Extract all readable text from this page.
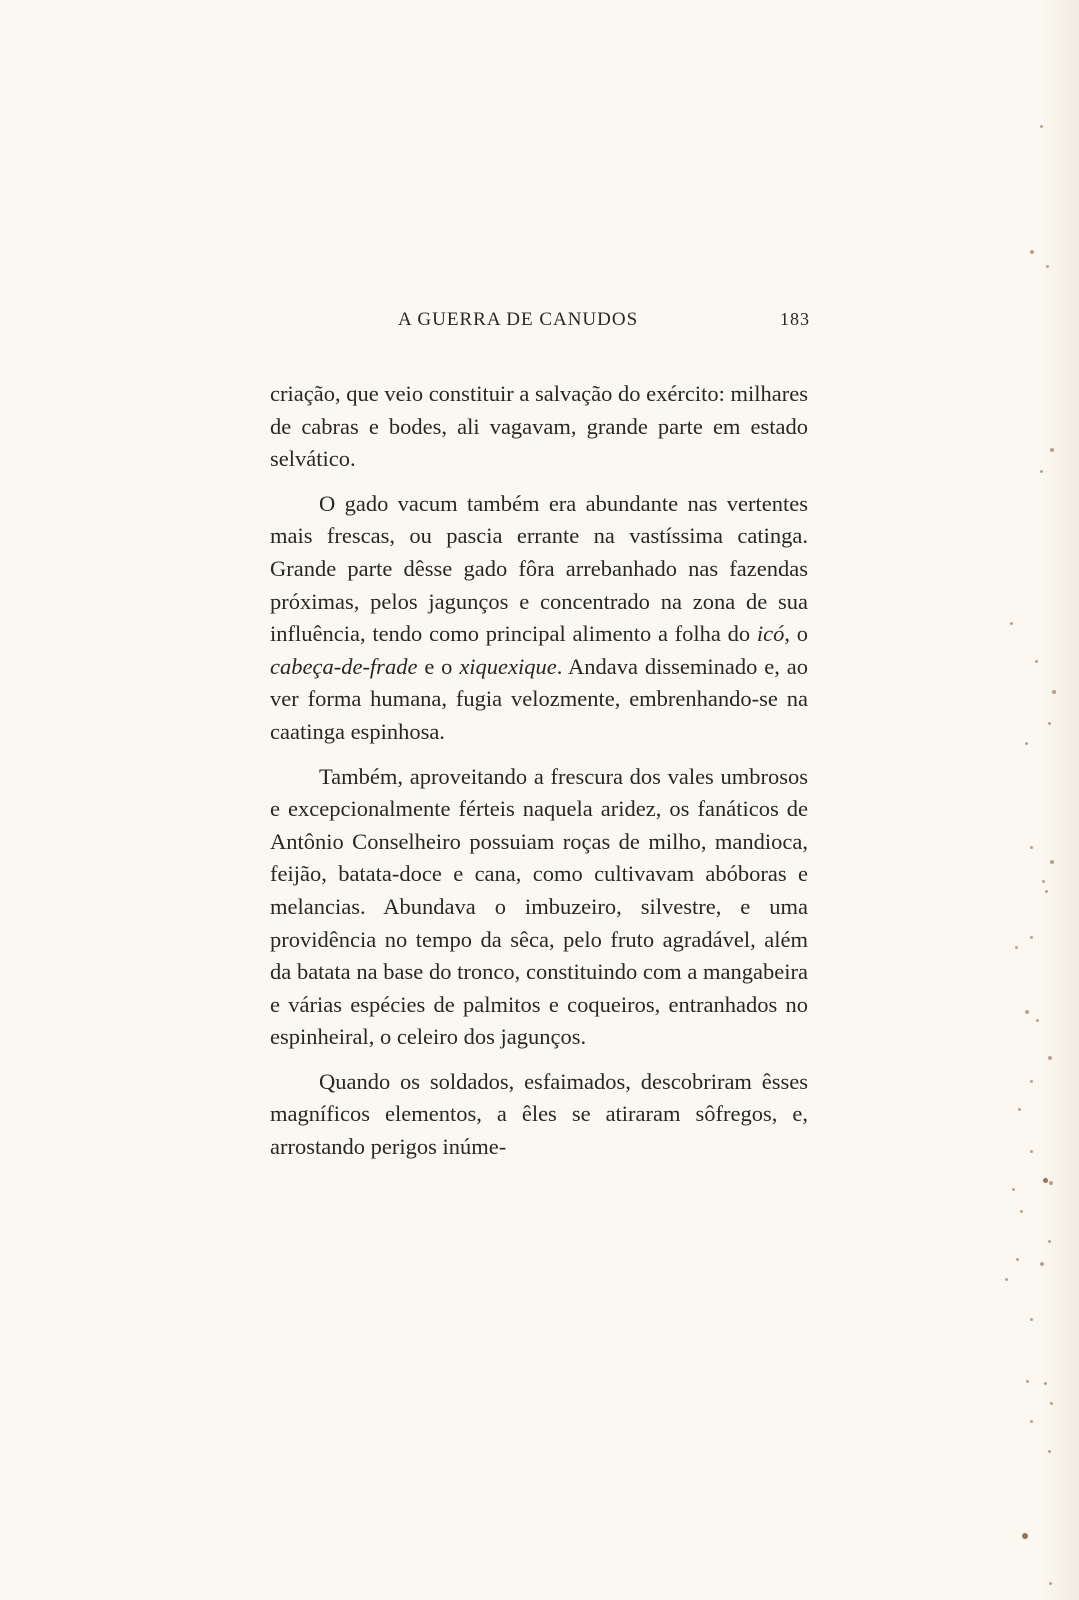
A GUERRA DE CANUDOS	183

criação, que veio constituir a salvação do exército: milhares de cabras e bodes, ali vagavam, grande parte em estado selvático.

O gado vacum também era abundante nas vertentes mais frescas, ou pascia errante na vastíssima catinga. Grande parte dêsse gado fôra arrebanhado nas fazendas próximas, pelos jagunços e concentrado na zona de sua influência, tendo como principal alimento a folha do icó, o cabeça-de-frade e o xiquexique. Andava disseminado e, ao ver forma humana, fugia velozmente, embrenhando-se na caatinga espinhosa.

Também, aproveitando a frescura dos vales umbrosos e excepcionalmente férteis naquela aridez, os fanáticos de Antônio Conselheiro possuiam roças de milho, mandioca, feijão, batata-doce e cana, como cultivavam abóboras e melancias. Abundava o imbuzeiro, silvestre, e uma providência no tempo da sêca, pelo fruto agradável, além da batata na base do tronco, constituindo com a mangabeira e várias espécies de palmitos e coqueiros, entranhados no espinheiral, o celeiro dos jagunços.

Quando os soldados, esfaimados, descobriram êsses magníficos elementos, a êles se atiraram sôfregos, e, arrostando perigos inúme-
